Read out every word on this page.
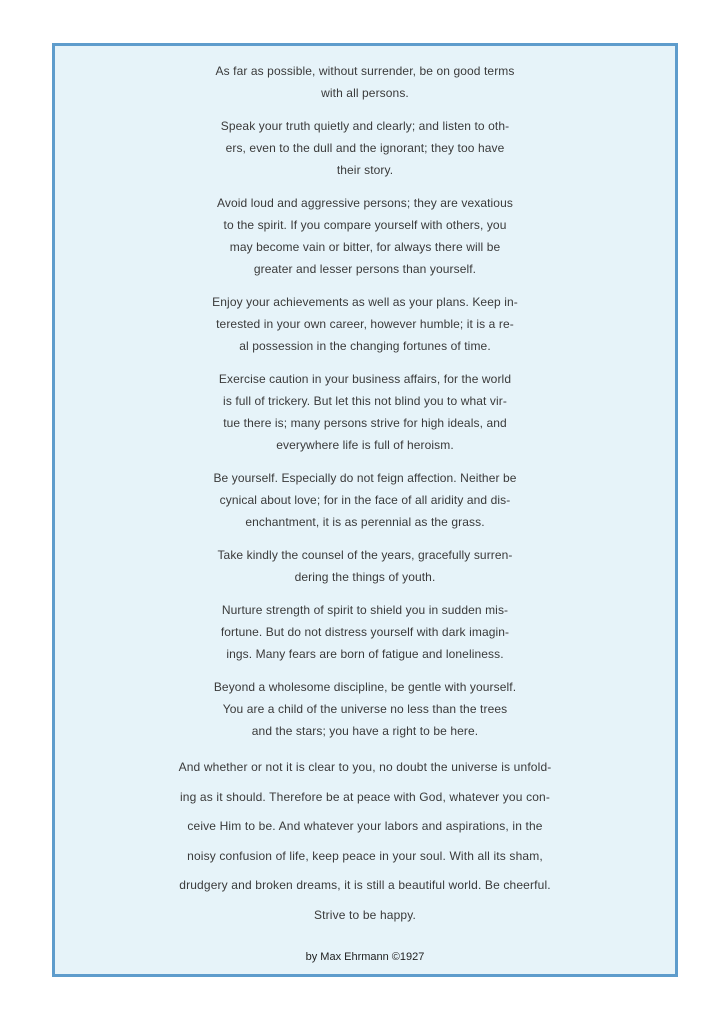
As far as possible, without surrender, be on good terms
with all persons.
Speak your truth quietly and clearly; and listen to oth-
ers, even to the dull and the ignorant; they too have
their story.
Avoid loud and aggressive persons; they are vexatious
to the spirit. If you compare yourself with others, you
may become vain or bitter, for always there will be
greater and lesser persons than yourself.
Enjoy your achievements as well as your plans. Keep in-
terested in your own career, however humble; it is a re-
al possession in the changing fortunes of time.
Exercise caution in your business affairs, for the world
is full of trickery. But let this not blind you to what vir-
tue there is; many persons strive for high ideals, and
everywhere life is full of heroism.
Be yourself. Especially do not feign affection. Neither be
cynical about love; for in the face of all aridity and dis-
enchantment, it is as perennial as the grass.
Take kindly the counsel of the years, gracefully surren-
dering the things of youth.
Nurture strength of spirit to shield you in sudden mis-
fortune. But do not distress yourself with dark imagin-
ings. Many fears are born of fatigue and loneliness.
Beyond a wholesome discipline, be gentle with yourself.
You are a child of the universe no less than the trees
and the stars; you have a right to be here.
And whether or not it is clear to you, no doubt the universe is unfold-
ing as it should. Therefore be at peace with God, whatever you con-
ceive Him to be. And whatever your labors and aspirations, in the
noisy confusion of life, keep peace in your soul. With all its sham,
drudgery and broken dreams, it is still a beautiful world. Be cheerful.
Strive to be happy.
by Max Ehrmann ©1927
